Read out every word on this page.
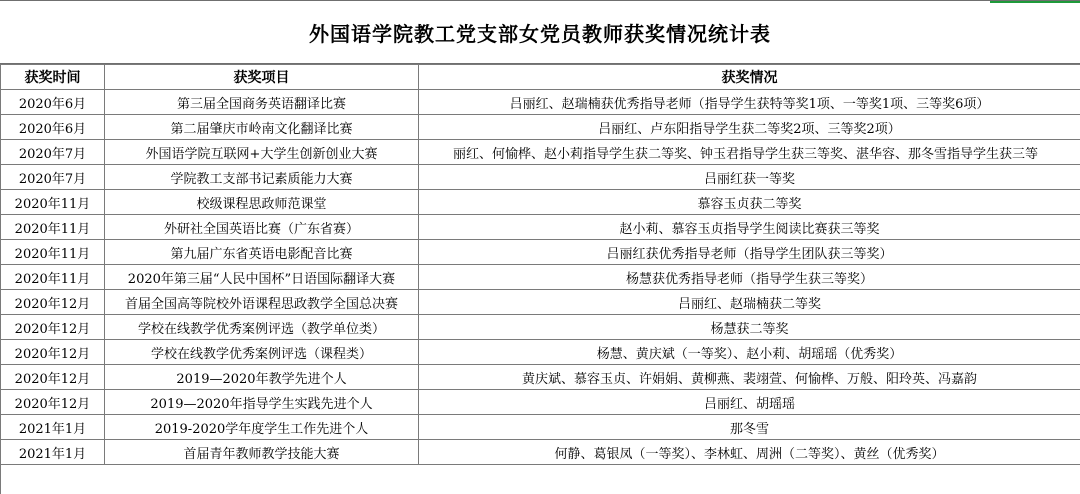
外国语学院教工党支部女党员教师获奖情况统计表
获奖时间	获奖项目	获奖情况
2020年6月	第三届全国商务英语翻译比赛	吕丽红、赵瑞楠获优秀指导老师（指导学生获特等奖1项、一等奖1项、三等奖6项）
2020年6月	第二届肇庆市岭南文化翻译比赛	吕丽红、卢东阳指导学生获二等奖2项、三等奖2项）
2020年7月	外国语学院互联网+大学生创新创业大赛	丽红、何愉桦、赵小莉指导学生获二等奖、钟玉君指导学生获三等奖、湛华容、那冬雪指导学生获三等
2020年7月	学院教工支部书记素质能力大赛	吕丽红获一等奖
2020年11月	校级课程思政师范课堂	慕容玉贞获二等奖
2020年11月	外研社全国英语比赛（广东省赛）	赵小莉、慕容玉贞指导学生阅读比赛获三等奖
2020年11月	第九届广东省英语电影配音比赛	吕丽红获优秀指导老师（指导学生团队获三等奖）
2020年11月	2020年第三届“人民中国杯”日语国际翻译大赛	杨慧获优秀指导老师（指导学生获三等奖）
2020年12月	首届全国高等院校外语课程思政教学全国总决赛	吕丽红、赵瑞楠获二等奖
2020年12月	学校在线教学优秀案例评选（教学单位类）	杨慧获二等奖
2020年12月	学校在线教学优秀案例评选（课程类）	杨慧、黄庆斌（一等奖）、赵小莉、胡瑶瑶（优秀奖）
2020年12月	2019—2020年教学先进个人	黄庆斌、慕容玉贞、许娟娟、黄柳燕、裴翊萱、何愉桦、万般、阳玲英、冯嘉韵
2020年12月	2019—2020年指导学生实践先进个人	吕丽红、胡瑶瑶
2021年1月	2019-2020学年度学生工作先进个人	那冬雪
2021年1月	首届青年教师教学技能大赛	何静、葛银凤（一等奖）、李林虹、周洲（二等奖）、黄丝（优秀奖）
